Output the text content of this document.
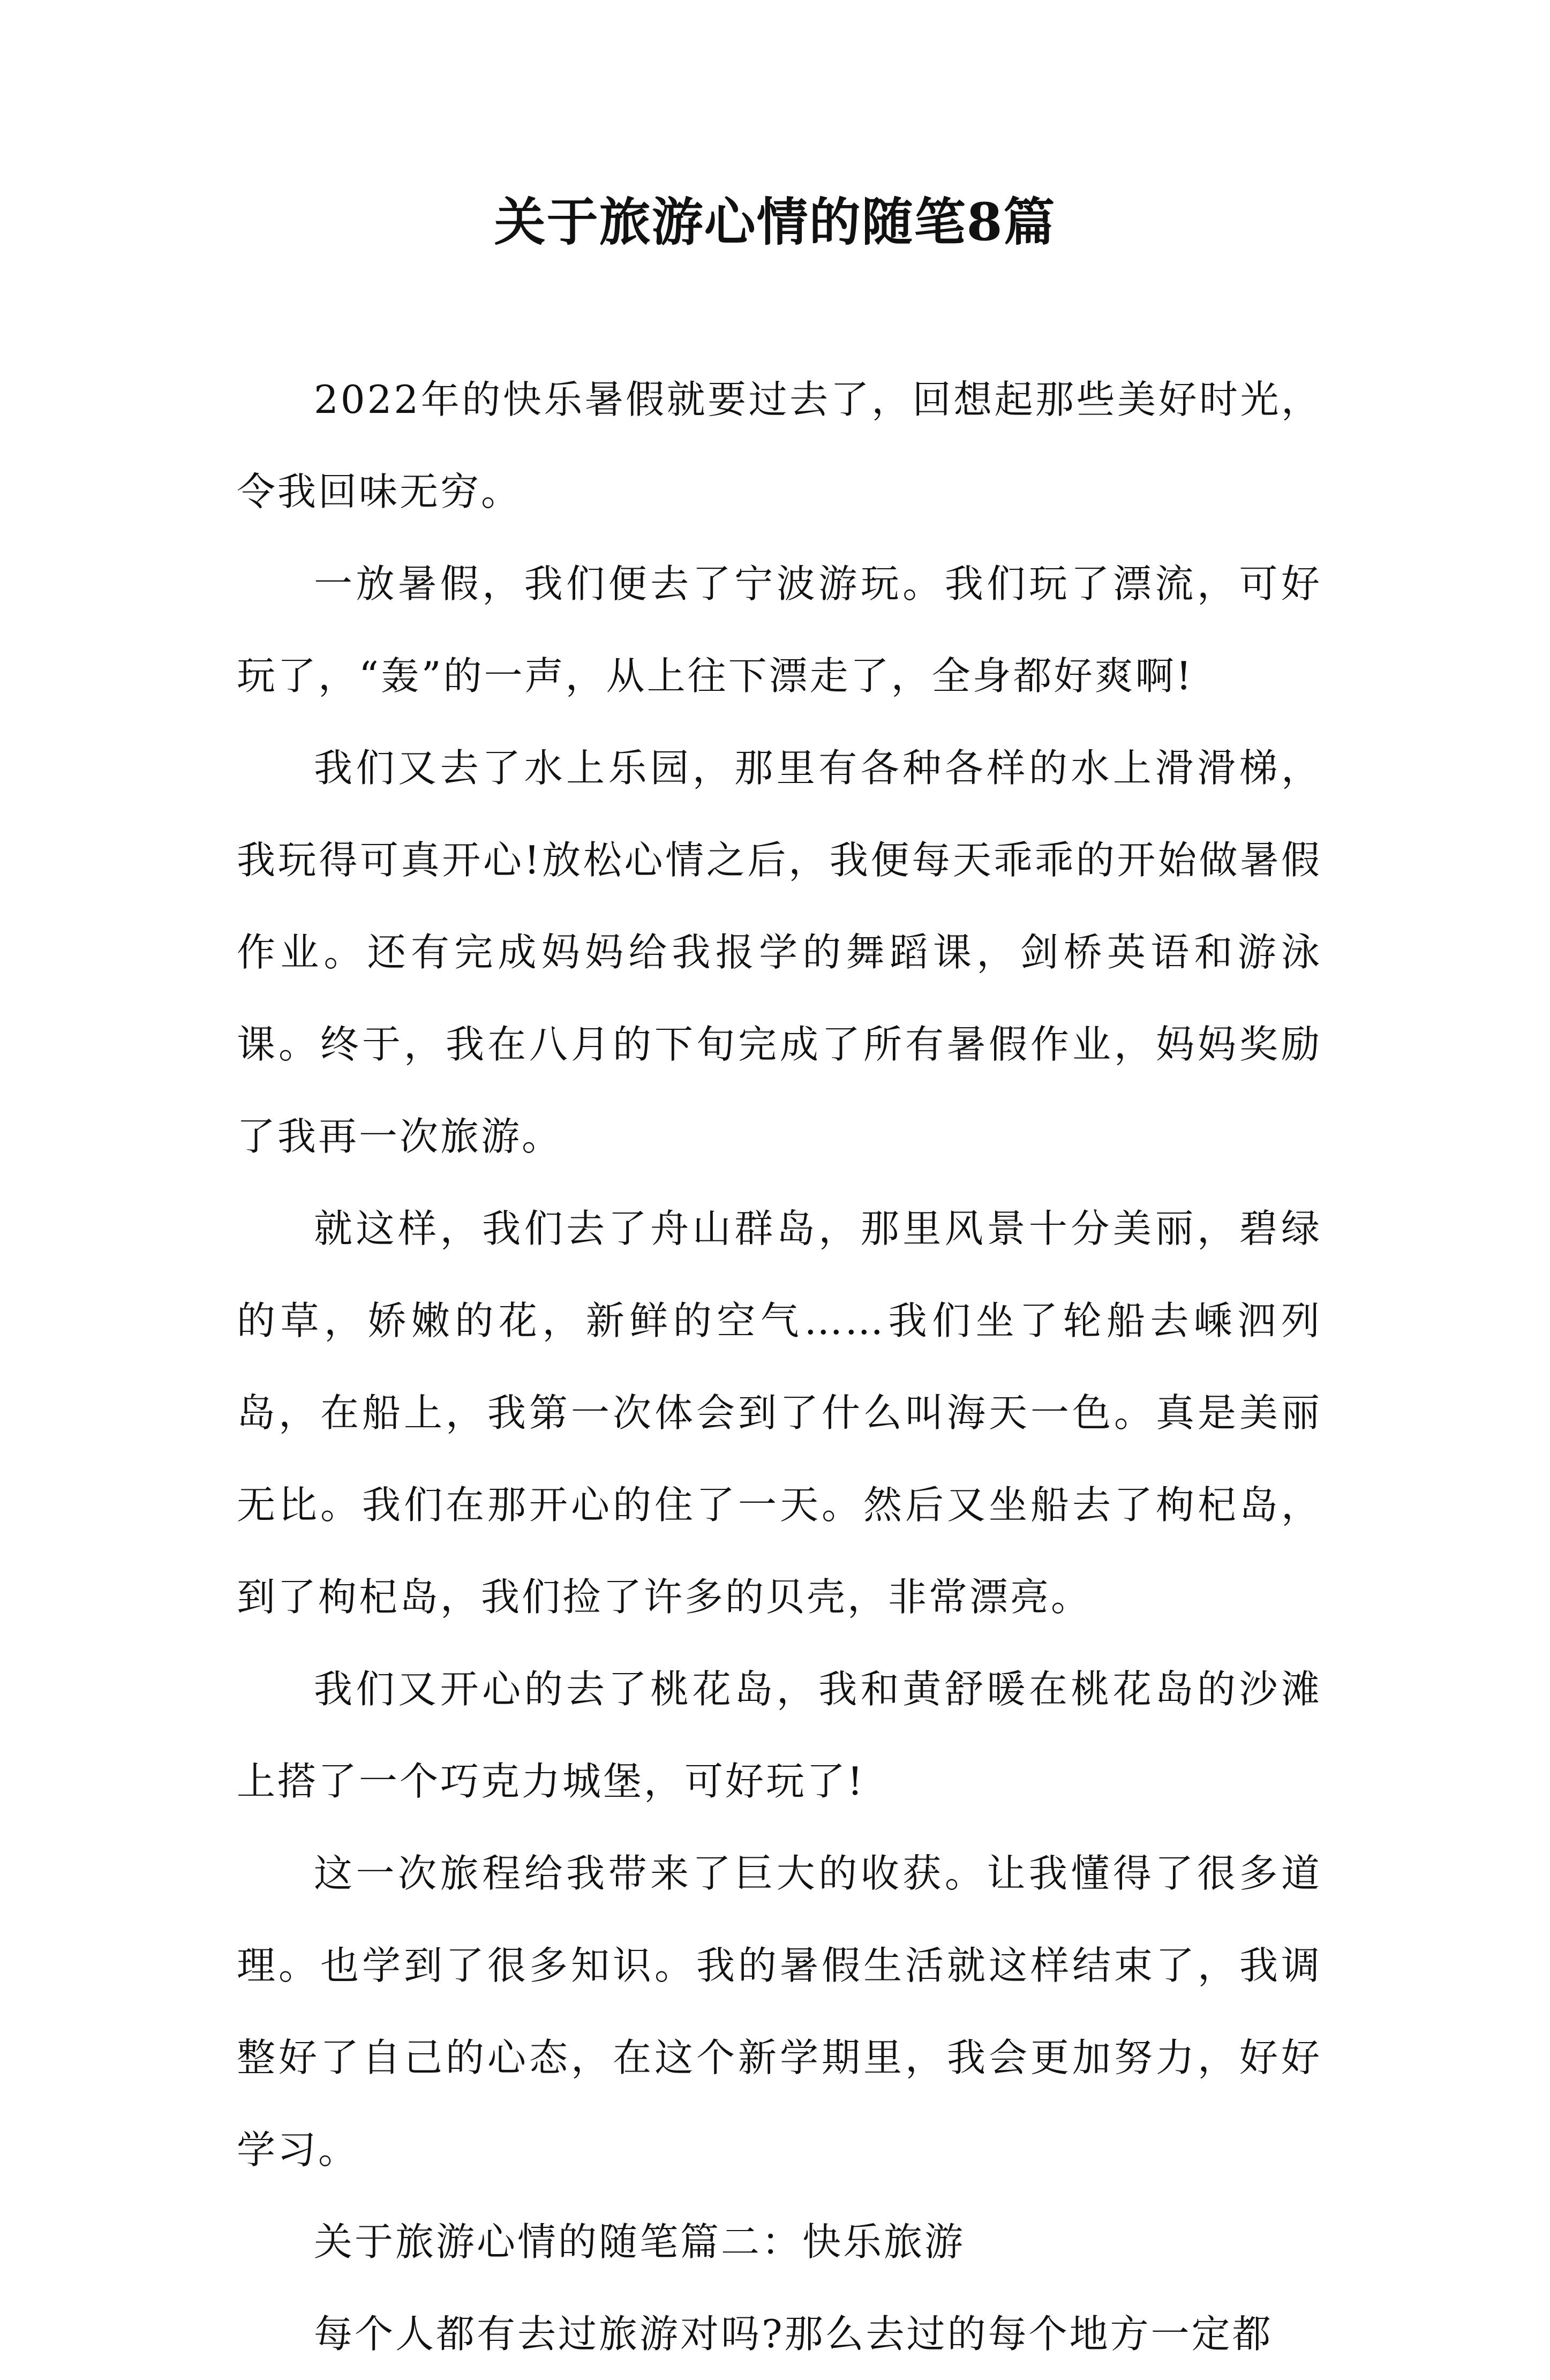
关于旅游心情的随笔8篇

2022年的快乐暑假就要过去了，回想起那些美好时光，令我回味无穷。

一放暑假，我们便去了宁波游玩。我们玩了漂流，可好玩了，“轰”的一声，从上往下漂走了，全身都好爽啊!

我们又去了水上乐园，那里有各种各样的水上滑滑梯，我玩得可真开心!放松心情之后，我便每天乖乖的开始做暑假作业。还有完成妈妈给我报学的舞蹈课，剑桥英语和游泳课。终于，我在八月的下旬完成了所有暑假作业，妈妈奖励了我再一次旅游。

就这样，我们去了舟山群岛，那里风景十分美丽，碧绿的草，娇嫩的花，新鲜的空气……我们坐了轮船去嵊泗列岛，在船上，我第一次体会到了什么叫海天一色。真是美丽无比。我们在那开心的住了一天。然后又坐船去了枸杞岛，到了枸杞岛，我们捡了许多的贝壳，非常漂亮。

我们又开心的去了桃花岛，我和黄舒暖在桃花岛的沙滩上搭了一个巧克力城堡，可好玩了!

这一次旅程给我带来了巨大的收获。让我懂得了很多道理。也学到了很多知识。我的暑假生活就这样结束了，我调整好了自己的心态，在这个新学期里，我会更加努力，好好学习。

关于旅游心情的随笔篇二：快乐旅游

每个人都有去过旅游对吗?那么去过的每个地方一定都
